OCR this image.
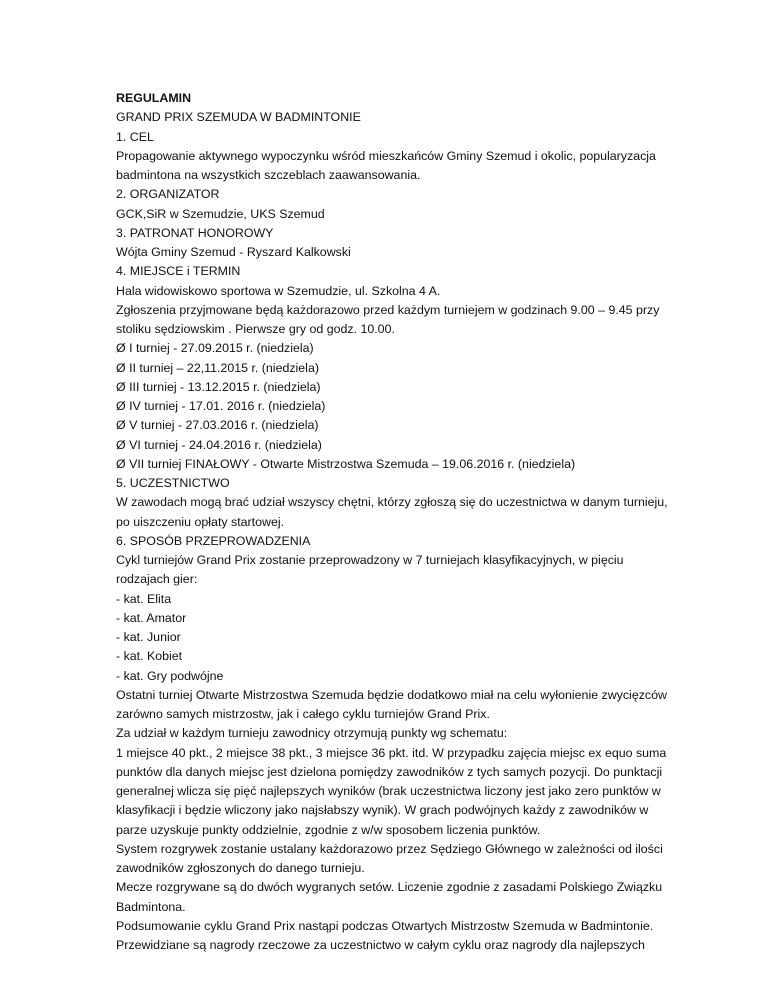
REGULAMIN
GRAND PRIX SZEMUDA W BADMINTONIE
1. CEL
Propagowanie aktywnego wypoczynku wśród mieszkańców Gminy Szemud i okolic, popularyzacja
badmintona na wszystkich szczeblach zaawansowania.
2. ORGANIZATOR
GCK,SiR w Szemudzie, UKS Szemud
3. PATRONAT HONOROWY
Wójta Gminy Szemud - Ryszard Kalkowski
4. MIEJSCE i TERMIN
Hala widowiskowo sportowa w Szemudzie, ul. Szkolna 4 A.
Zgłoszenia przyjmowane będą każdorazowo przed każdym turniejem w godzinach 9.00 – 9.45 przy
stoliku sędziowskim . Pierwsze gry od godz. 10.00.
Ø I turniej - 27.09.2015 r. (niedziela)
Ø II turniej – 22,11.2015 r. (niedziela)
Ø III turniej - 13.12.2015 r. (niedziela)
Ø IV turniej - 17.01. 2016 r. (niedziela)
Ø V turniej - 27.03.2016 r. (niedziela)
Ø VI turniej - 24.04.2016 r. (niedziela)
Ø VII turniej FINAŁOWY - Otwarte Mistrzostwa Szemuda – 19.06.2016 r. (niedziela)
5. UCZESTNICTWO
W zawodach mogą brać udział wszyscy chętni, którzy zgłoszą się do uczestnictwa w danym turnieju,
po uiszczeniu opłaty startowej.
6. SPOSÓB PRZEPROWADZENIA
Cykl turniejów Grand Prix zostanie przeprowadzony w 7 turniejach klasyfikacyjnych, w pięciu
rodzajach gier:
- kat. Elita
- kat. Amator
- kat. Junior
- kat. Kobiet
- kat. Gry podwójne
Ostatni turniej Otwarte Mistrzostwa Szemuda będzie dodatkowo miał na celu wyłonienie zwycięzców
zarówno samych mistrzostw, jak i całego cyklu turniejów Grand Prix.
Za udział w każdym turnieju zawodnicy otrzymują punkty wg schematu:
1 miejsce 40 pkt., 2 miejsce 38 pkt., 3 miejsce 36 pkt. itd. W przypadku zajęcia miejsc ex equo suma
punktów dla danych miejsc jest dzielona pomiędzy zawodników z tych samych pozycji. Do punktacji
generalnej wlicza się pięć najlepszych wyników (brak uczestnictwa liczony jest jako zero punktów w
klasyfikacji i będzie wliczony jako najsłabszy wynik). W grach podwójnych każdy z zawodników w
parze uzyskuje punkty oddzielnie, zgodnie z w/w sposobem liczenia punktów.
System rozgrywek zostanie ustalany każdorazowo przez Sędziego Głównego w zależności od ilości
zawodników zgłoszonych do danego turnieju.
Mecze rozgrywane są do dwóch wygranych setów. Liczenie zgodnie z zasadami Polskiego Związku
Badmintona.
Podsumowanie cyklu Grand Prix nastąpi podczas Otwartych Mistrzostw Szemuda w Badmintonie.
Przewidziane są nagrody rzeczowe za uczestnictwo w całym cyklu oraz nagrody dla najlepszych
